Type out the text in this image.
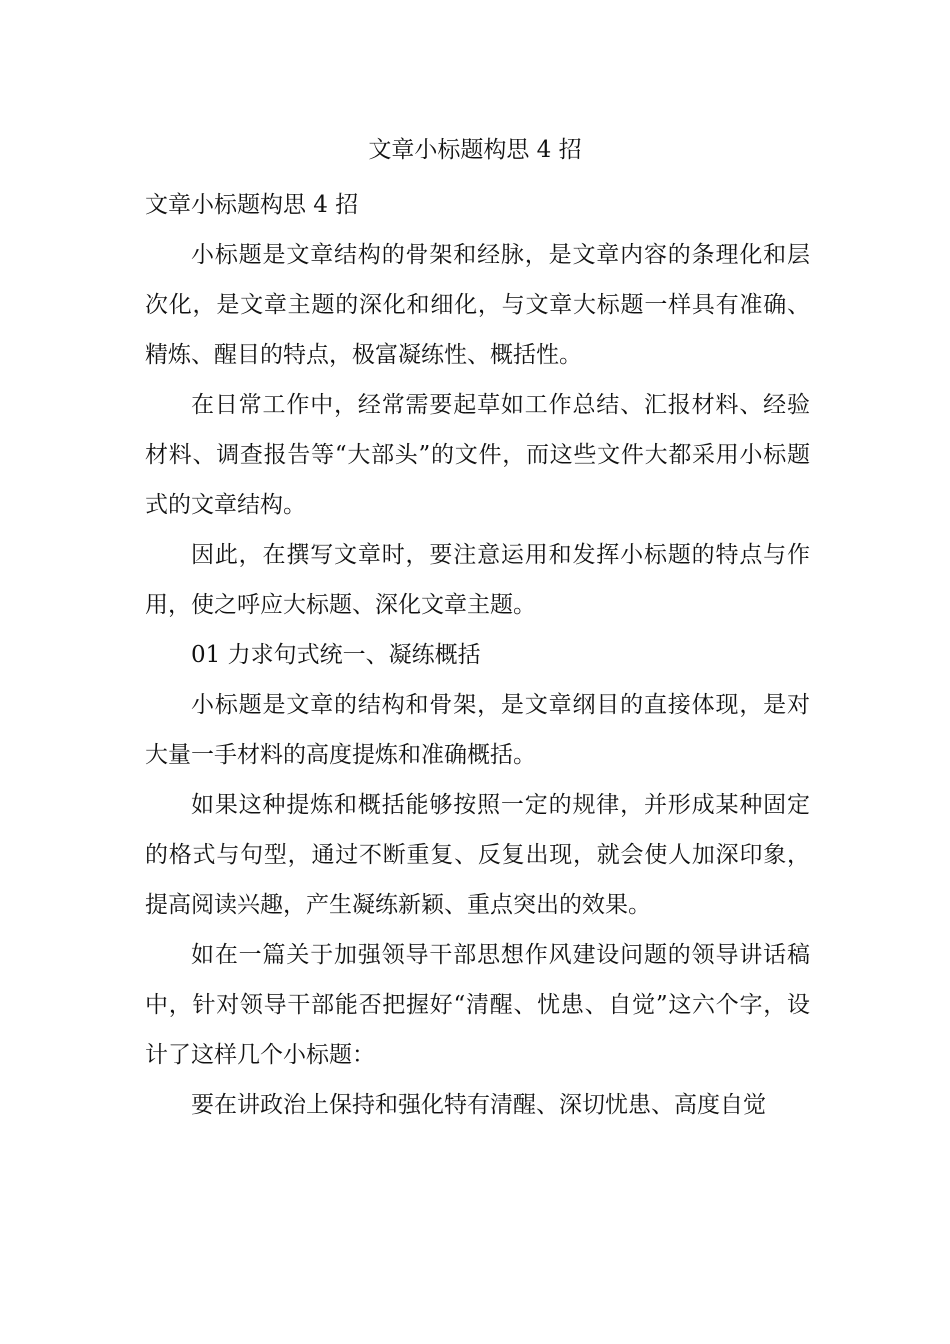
文章小标题构思 4 招

文章小标题构思 4 招

小标题是文章结构的骨架和经脉，是文章内容的条理化和层次化，是文章主题的深化和细化，与文章大标题一样具有准确、精炼、醒目的特点，极富凝练性、概括性。

在日常工作中，经常需要起草如工作总结、汇报材料、经验材料、调查报告等“大部头”的文件，而这些文件大都采用小标题式的文章结构。

因此，在撰写文章时，要注意运用和发挥小标题的特点与作用，使之呼应大标题、深化文章主题。

01 力求句式统一、凝练概括

小标题是文章的结构和骨架，是文章纲目的直接体现，是对大量一手材料的高度提炼和准确概括。

如果这种提炼和概括能够按照一定的规律，并形成某种固定的格式与句型，通过不断重复、反复出现，就会使人加深印象，提高阅读兴趣，产生凝练新颖、重点突出的效果。

如在一篇关于加强领导干部思想作风建设问题的领导讲话稿中，针对领导干部能否把握好“清醒、忧患、自觉”这六个字，设计了这样几个小标题：

要在讲政治上保持和强化特有清醒、深切忧患、高度自觉
